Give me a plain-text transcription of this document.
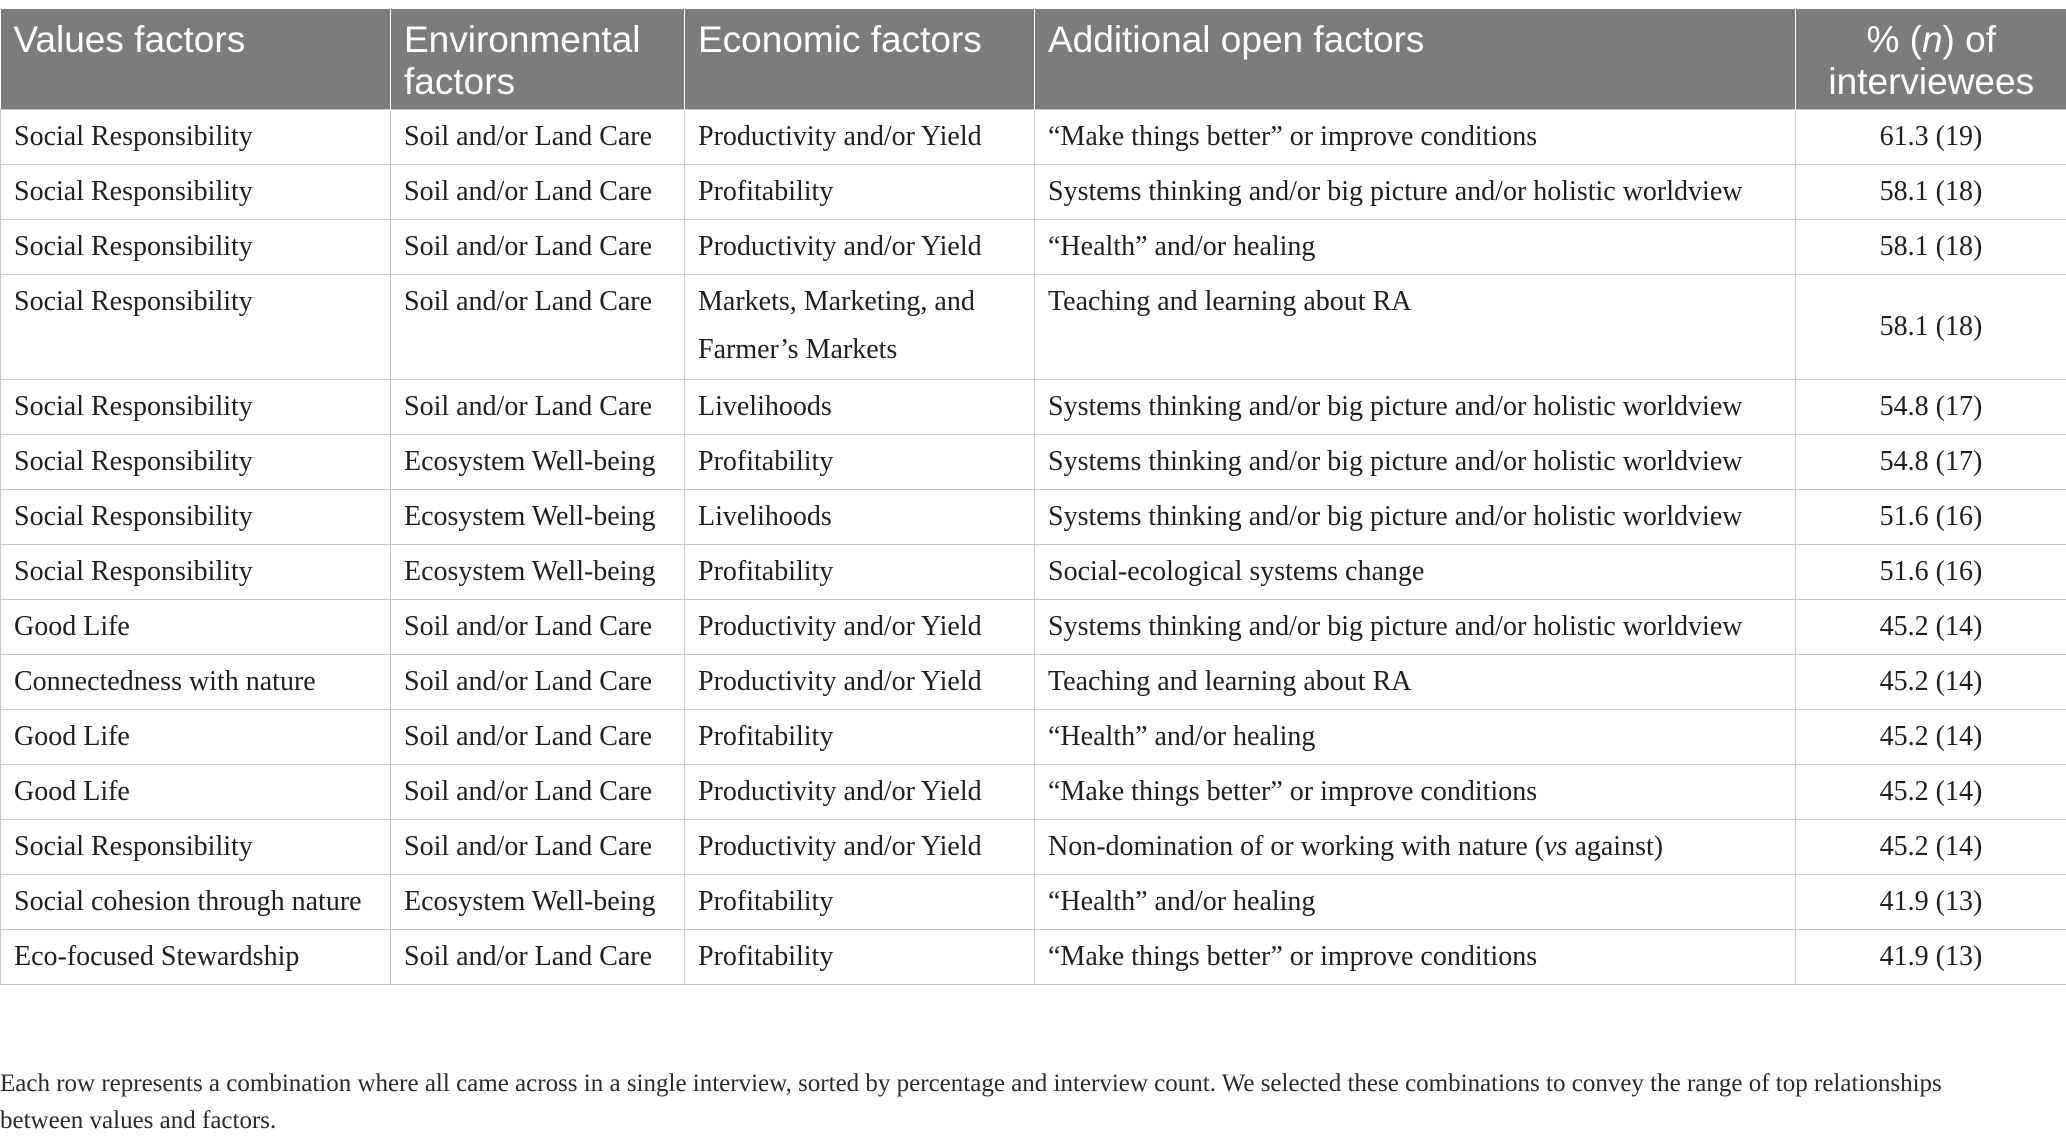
Values factors	Environmental factors	Economic factors	Additional open factors	% (n) of interviewees
Social Responsibility	Soil and/or Land Care	Productivity and/or Yield	“Make things better” or improve conditions	61.3 (19)
Social Responsibility	Soil and/or Land Care	Profitability	Systems thinking and/or big picture and/or holistic worldview	58.1 (18)
Social Responsibility	Soil and/or Land Care	Productivity and/or Yield	“Health” and/or healing	58.1 (18)
Social Responsibility	Soil and/or Land Care	Markets, Marketing, and Farmer’s Markets	Teaching and learning about RA	58.1 (18)
Social Responsibility	Soil and/or Land Care	Livelihoods	Systems thinking and/or big picture and/or holistic worldview	54.8 (17)
Social Responsibility	Ecosystem Well-being	Profitability	Systems thinking and/or big picture and/or holistic worldview	54.8 (17)
Social Responsibility	Ecosystem Well-being	Livelihoods	Systems thinking and/or big picture and/or holistic worldview	51.6 (16)
Social Responsibility	Ecosystem Well-being	Profitability	Social-ecological systems change	51.6 (16)
Good Life	Soil and/or Land Care	Productivity and/or Yield	Systems thinking and/or big picture and/or holistic worldview	45.2 (14)
Connectedness with nature	Soil and/or Land Care	Productivity and/or Yield	Teaching and learning about RA	45.2 (14)
Good Life	Soil and/or Land Care	Profitability	“Health” and/or healing	45.2 (14)
Good Life	Soil and/or Land Care	Productivity and/or Yield	“Make things better” or improve conditions	45.2 (14)
Social Responsibility	Soil and/or Land Care	Productivity and/or Yield	Non-domination of or working with nature (vs against)	45.2 (14)
Social cohesion through nature	Ecosystem Well-being	Profitability	“Health” and/or healing	41.9 (13)
Eco-focused Stewardship	Soil and/or Land Care	Profitability	“Make things better” or improve conditions	41.9 (13)

Each row represents a combination where all came across in a single interview, sorted by percentage and interview count. We selected these combinations to convey the range of top relationships between values and factors.
